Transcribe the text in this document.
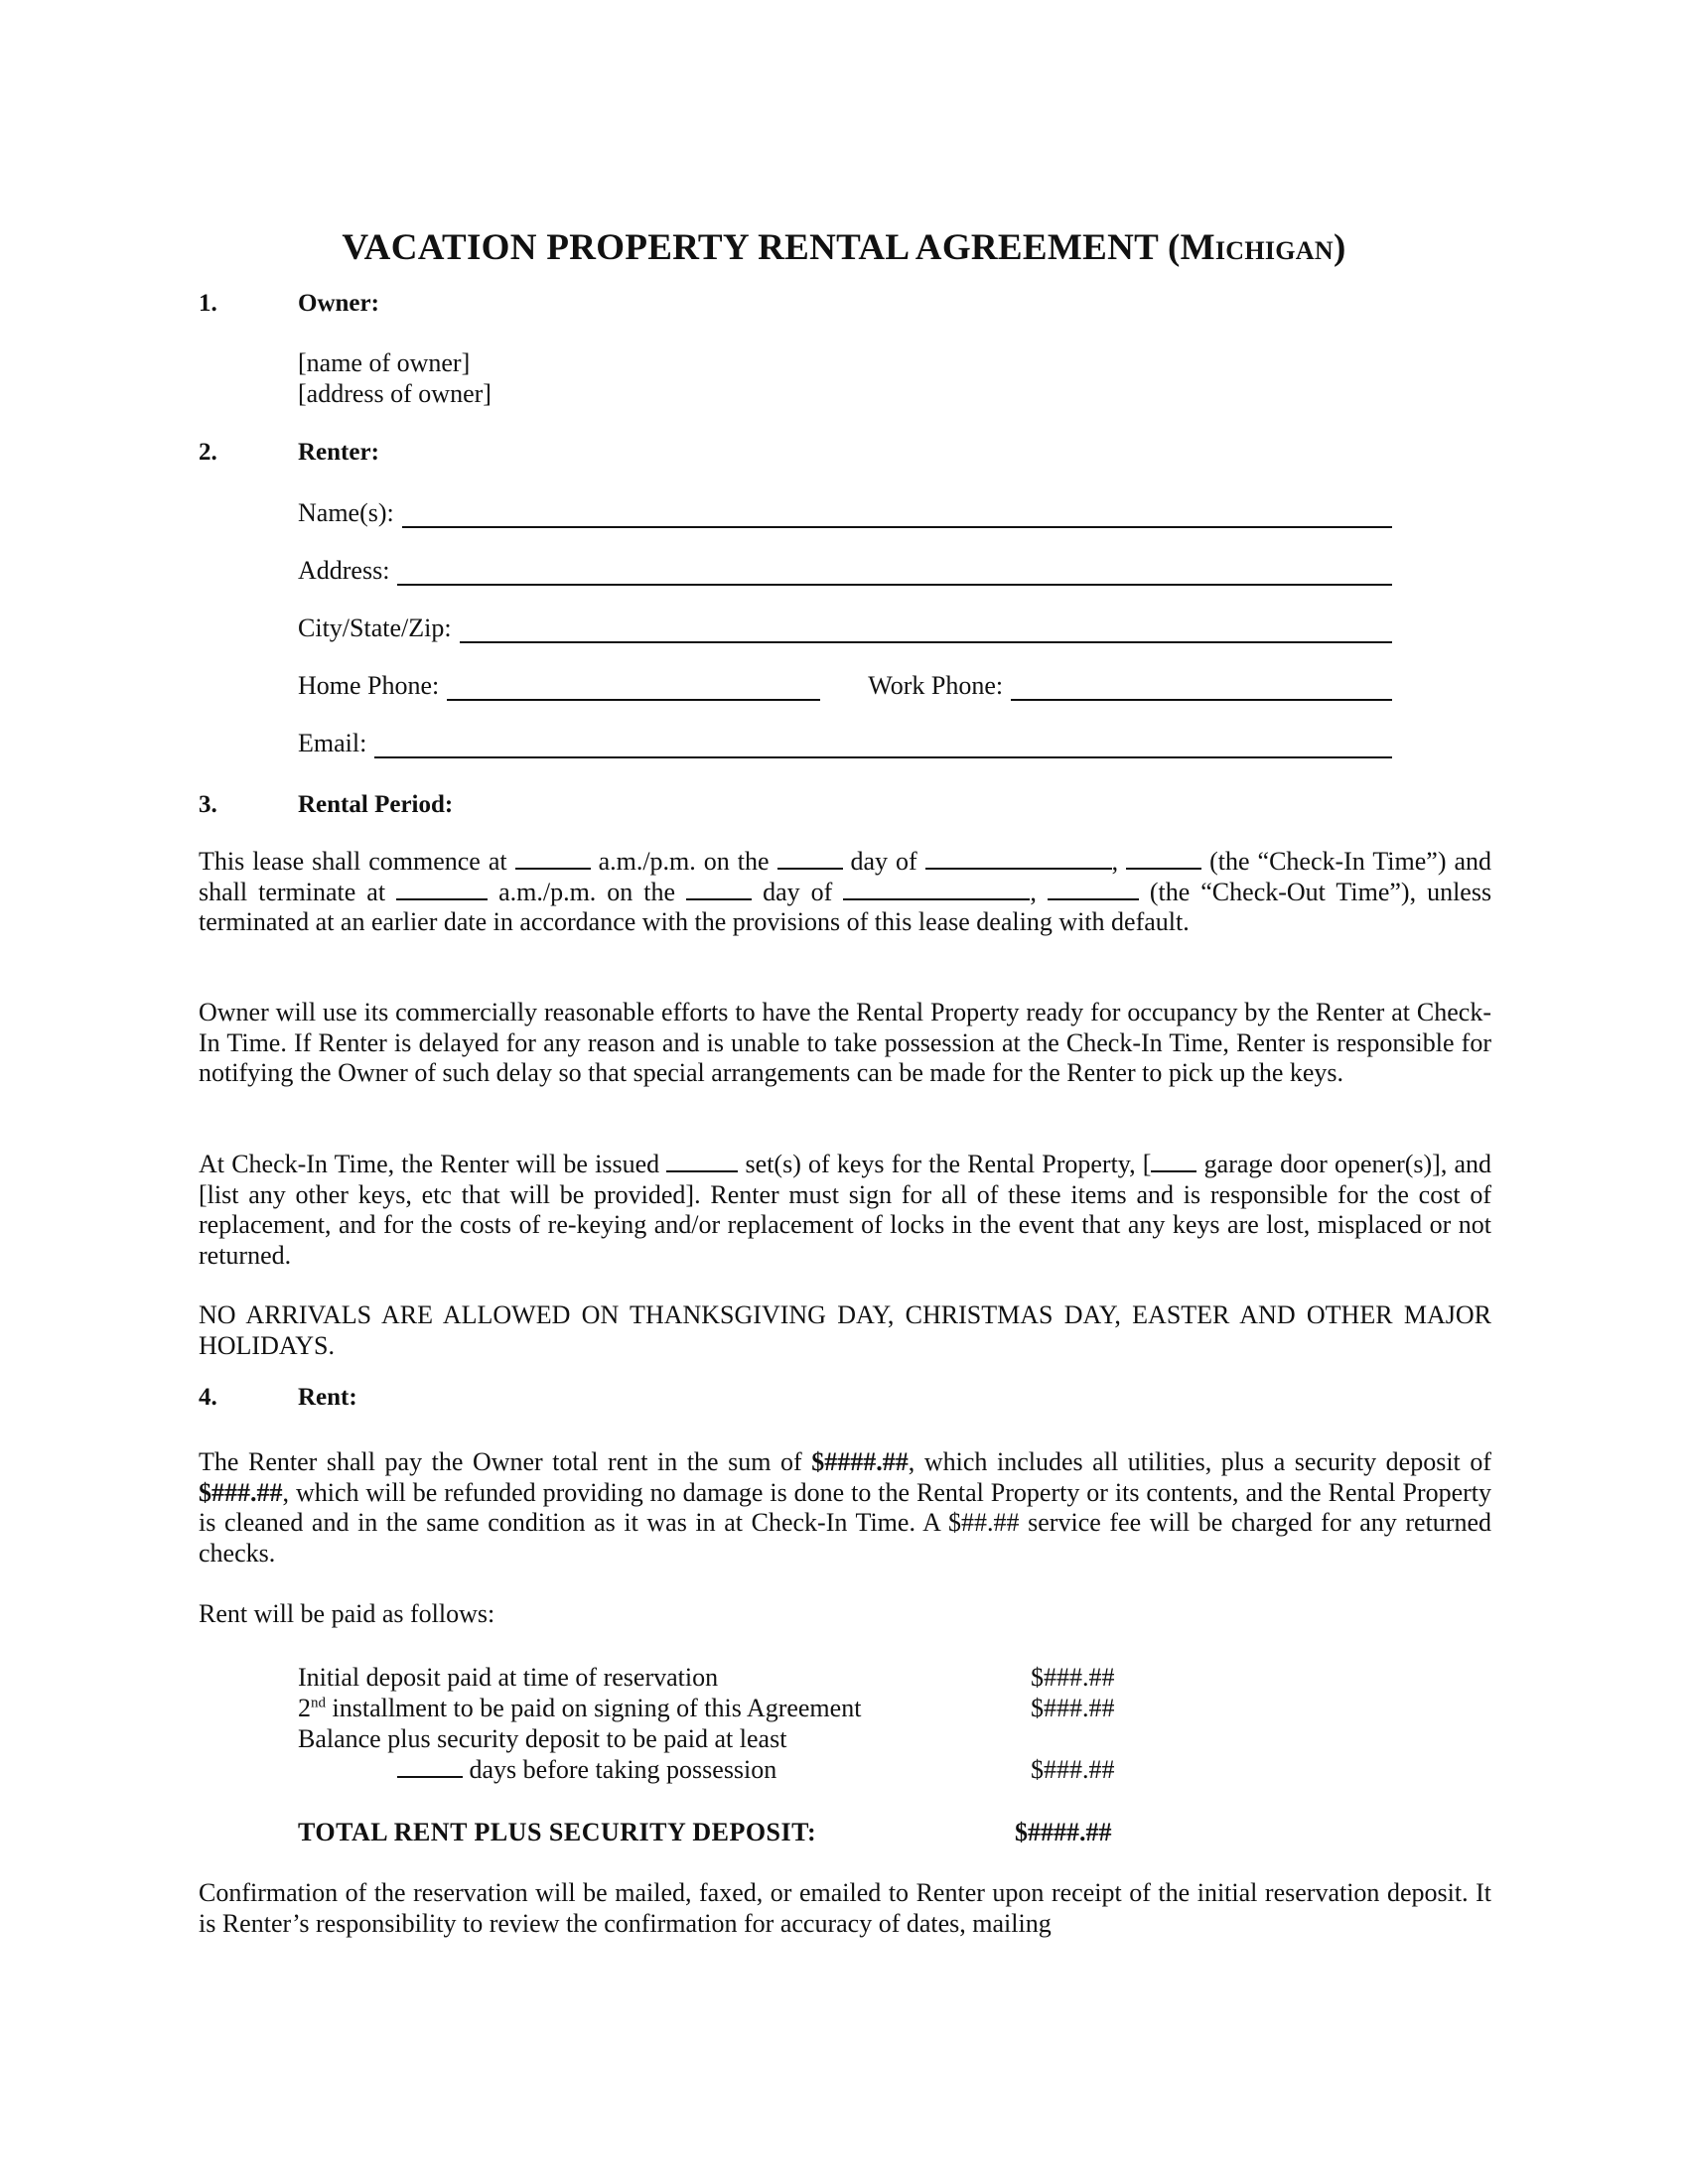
VACATION PROPERTY RENTAL AGREEMENT (Michigan)
1.	Owner:
[name of owner]
[address of owner]
2.	Renter:
Name(s):
Address:
City/State/Zip:
Home Phone:	Work Phone:
Email:
3.	Rental Period:
This lease shall commence at	a.m./p.m. on the	day of	,	(the “Check-In Time”) and shall terminate at	a.m./p.m. on the	day of	,	(the “Check-Out Time”), unless terminated at an earlier date in accordance with the provisions of this lease dealing with default.
Owner will use its commercially reasonable efforts to have the Rental Property ready for occupancy by the Renter at Check-In Time. If Renter is delayed for any reason and is unable to take possession at the Check-In Time, Renter is responsible for notifying the Owner of such delay so that special arrangements can be made for the Renter to pick up the keys.
At Check-In Time, the Renter will be issued	set(s) of keys for the Rental Property, [ garage door opener(s)], and [list any other keys, etc that will be provided]. Renter must sign for all of these items and is responsible for the cost of replacement, and for the costs of re-keying and/or replacement of locks in the event that any keys are lost, misplaced or not returned.
NO ARRIVALS ARE ALLOWED ON THANKSGIVING DAY, CHRISTMAS DAY, EASTER AND OTHER MAJOR HOLIDAYS.
4.	Rent:
The Renter shall pay the Owner total rent in the sum of $####.##, which includes all utilities, plus a security deposit of $###.##, which will be refunded providing no damage is done to the Rental Property or its contents, and the Rental Property is cleaned and in the same condition as it was in at Check-In Time. A $##.## service fee will be charged for any returned checks.
Rent will be paid as follows:
Initial deposit paid at time of reservation	$###.##
2nd installment to be paid on signing of this Agreement	$###.##
Balance plus security deposit to be paid at least
days before taking possession	$###.##
TOTAL RENT PLUS SECURITY DEPOSIT:	$####.##
Confirmation of the reservation will be mailed, faxed, or emailed to Renter upon receipt of the initial reservation deposit. It is Renter’s responsibility to review the confirmation for accuracy of dates, mailing
